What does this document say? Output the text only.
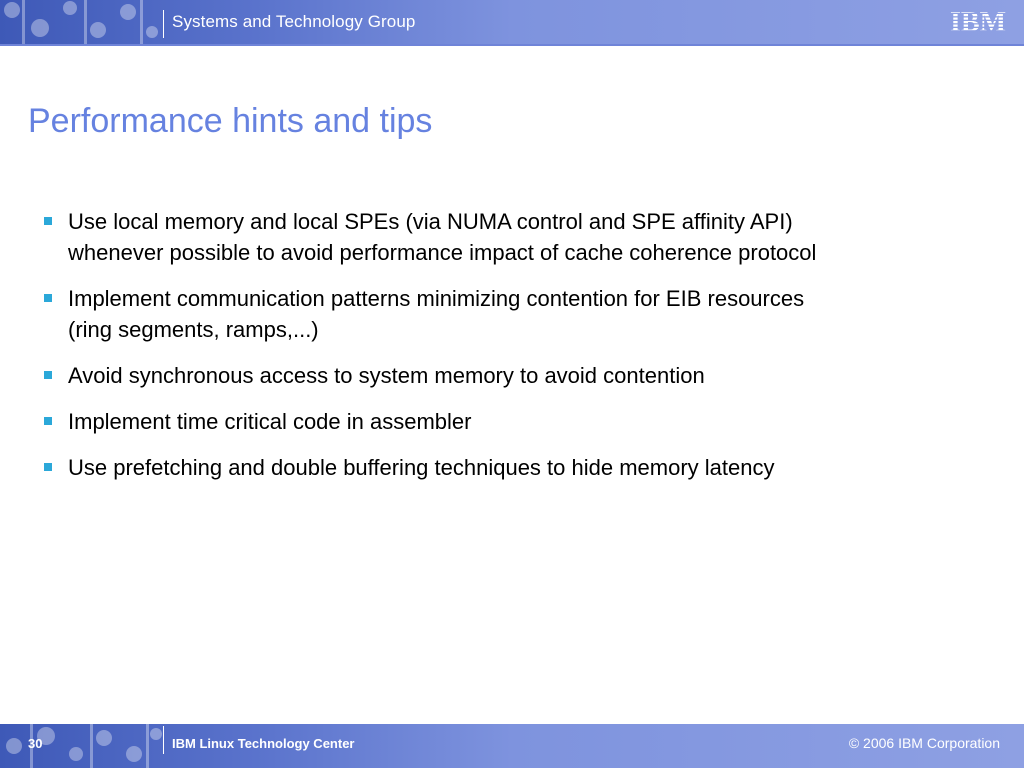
Systems and Technology Group	IBM
Performance hints and tips
Use local memory and local SPEs (via NUMA control and SPE affinity API) whenever possible to avoid performance impact of cache coherence protocol
Implement communication patterns minimizing contention for EIB resources (ring segments, ramps,...)
Avoid synchronous access to system memory to avoid contention
Implement time critical code in assembler
Use prefetching and double buffering techniques to hide memory latency
30	IBM Linux Technology Center	© 2006 IBM Corporation
